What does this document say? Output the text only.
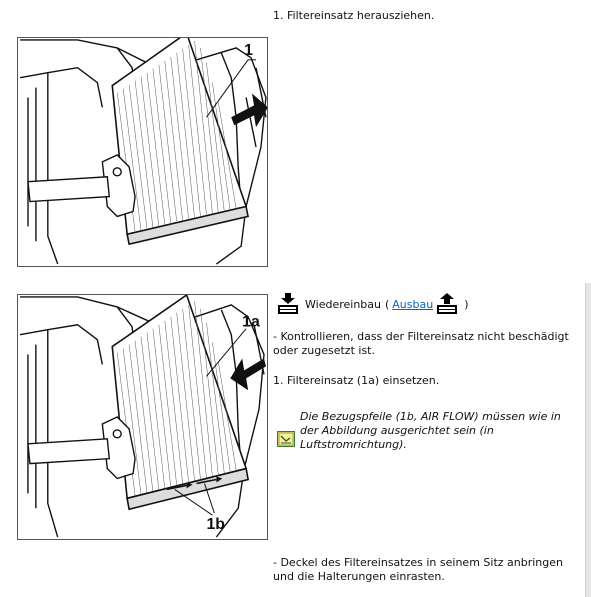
1
1. Filtereinsatz herausziehen.
Wiedereinbau ( Ausbau	)
1a
1b
- Kontrollieren, dass der Filtereinsatz nicht beschädigt oder zugesetzt ist.
1. Filtereinsatz (1a) einsetzen.
Die Bezugspfeile (1b, AIR FLOW) müssen wie in der Abbildung ausgerichtet sein (in Luftstromrichtung).
- Deckel des Filtereinsatzes in seinem Sitz anbringen und die Halterungen einrasten.
